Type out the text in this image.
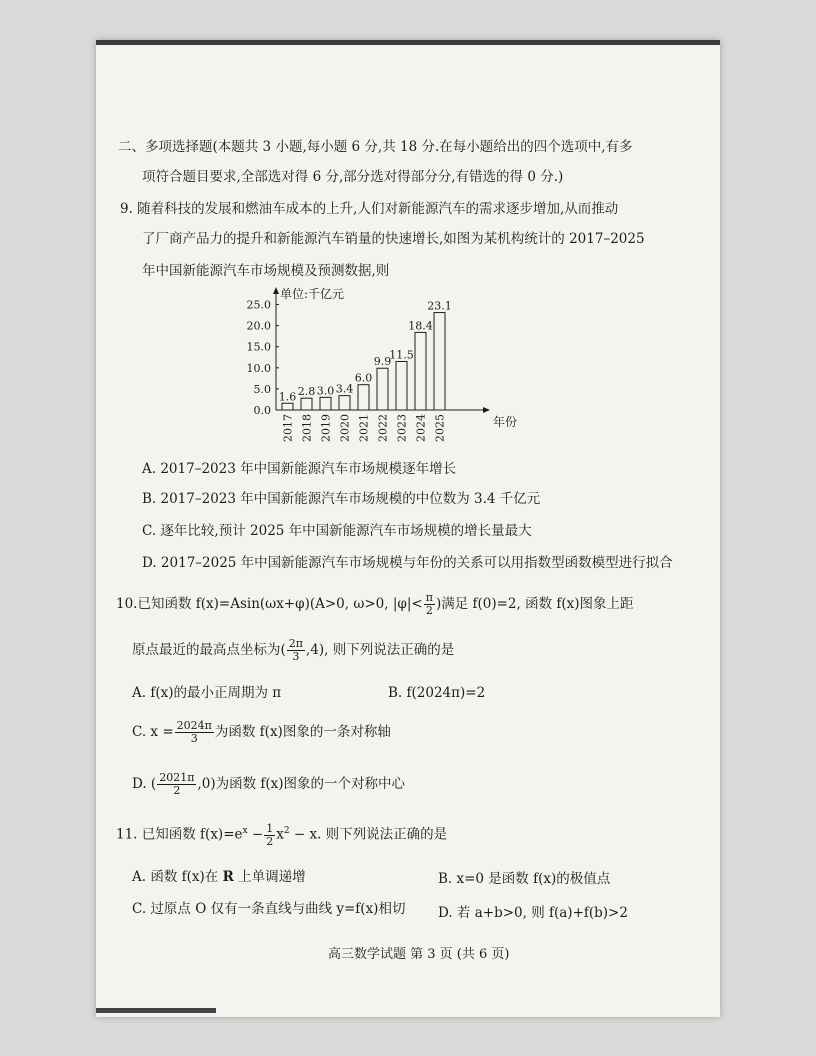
二、多项选择题(本题共 3 小题,每小题 6 分,共 18 分.在每小题给出的四个选项中,有多
项符合题目要求,全部选对得 6 分,部分选对得部分分,有错选的得 0 分.)
9. 随着科技的发展和燃油车成本的上升,人们对新能源汽车的需求逐步增加,从而推动
了厂商产品力的提升和新能源汽车销量的快速增长,如图为某机构统计的 2017–2025
年中国新能源汽车市场规模及预测数据,则
0.0
5.0
10.0
15.0
20.0
25.0
1.6 2.8 3.0 3.4
6.0
9.9
11.5
18.4
23.1
2017 2018 2019 2020 2021 2022 2023 2024 2025
单位:千亿元
年份
A. 2017–2023 年中国新能源汽车市场规模逐年增长
B. 2017–2023 年中国新能源汽车市场规模的中位数为 3.4 千亿元
C. 逐年比较,预计 2025 年中国新能源汽车市场规模的增长量最大
D. 2017–2025 年中国新能源汽车市场规模与年份的关系可以用指数型函数模型进行拟合
10.已知函数 f(x)=Asin(ωx+φ)(A>0, ω>0, $|\varphi|< \frac{\pi}{2}$ )满足 f(0)=2, 函数 f(x)图象上距
原点最近的最高点坐标为( $\frac{2\pi}{3} ,4$), 则下列说法正确的是
A. f(x)的最小正周期为 π	B. f(2024π)=2
C. $x = \frac{2024\pi}{3}$ 为函数 f(x)图象的一条对称轴
D. ( $\frac{2021\pi}{2} ,0$)为函数 f(x)图象的一个对称中心
11. 已知函数 $f(x)=e^x - \frac{1}{2} x^2 - x$. 则下列说法正确的是
A. 函数 f(x)在 R 上单调递增	B. x=0 是函数 f(x)的极值点
C. 过原点 O 仅有一条直线与曲线 y=f(x)相切 D. 若 a+b>0, 则 f(a)+f(b)>2
高三数学试题 第 3 页 (共 6 页)
